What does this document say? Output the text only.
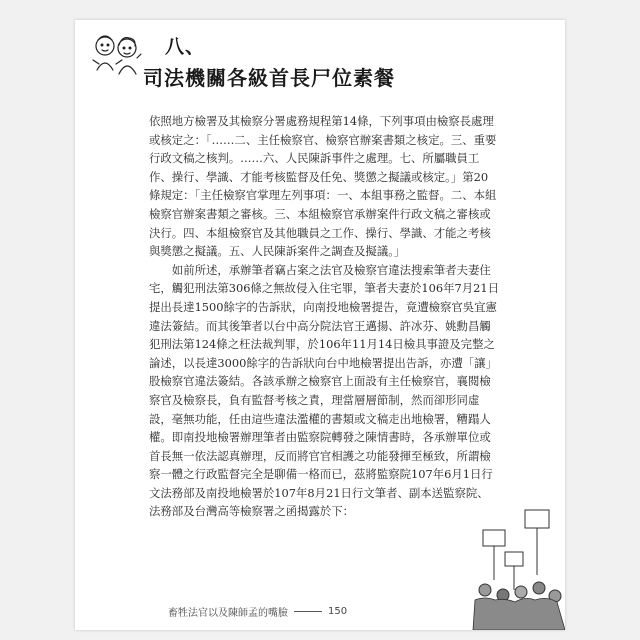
八、
司法機關各級首長尸位素餐

依照地方檢署及其檢察分署處務規程第14條，下列事項由檢察長處理或核定之：「……二、主任檢察官、檢察官辦案書類之核定。三、重要行政文稿之核判。……六、人民陳訴事件之處理。七、所屬職員工作、操行、學識、才能考核監督及任免、獎懲之擬議或核定。」第20條規定：「主任檢察官掌理左列事項：一、本組事務之監督。二、本組檢察官辦案書類之審核。三、本組檢察官承辦案件行政文稿之審核或決行。四、本組檢察官及其他職員之工作、操行、學識、才能之考核與獎懲之擬議。五、人民陳訴案件之調查及擬議。」

如前所述，承辦筆者竊占案之法官及檢察官違法搜索筆者夫妻住宅，觸犯刑法第306條之無故侵入住宅罪，筆者夫妻於106年7月21日提出長達1500餘字的告訴狀，向南投地檢署提告，竟遭檢察官吳宜憲違法簽結。而其後筆者以台中高分院法官王邁揚、許冰芬、姚勳昌觸犯刑法第124條之枉法裁判罪，於106年11月14日檢具事證及完整之論述，以長達3000餘字的告訴狀向台中地檢署提出告訴，亦遭「讓」股檢察官違法簽結。各該承辦之檢察官上面設有主任檢察官，襄閱檢察官及檢察長，負有監督考核之責，理當層層節制，然而卻形同虛設，毫無功能，任由這些違法濫權的書類或文稿走出地檢署，糟蹋人權。即南投地檢署辦理筆者由監察院轉發之陳情書時，各承辦單位或首長無一依法認真辦理，反而將官官相護之功能發揮至極致，所謂檢察一體之行政監督完全是聊備一格而已，茲將監察院107年6月1日行文法務部及南投地檢署於107年8月21日行文筆者、副本送監察院、法務部及台灣高等檢察署之函揭露於下：

畜牲法官以及陳師孟的嘴臉	150
